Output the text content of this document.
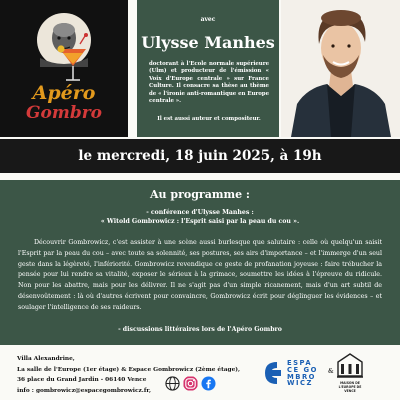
Apéro
Gombro
avec
Ulysse Manhes
doctorant à l'Ecole normale supérieure (Ulm) et producteur de l'émission « Voix d'Europe centrale » sur France Culture. Il consacre sa thèse au thème de « l'ironie anti-romantique en Europe centrale ».
Il est aussi auteur et compositeur.
le mercredi, 18 juin 2025, à 19h
Au programme :
- conférence d'Ulysse Manhes :
« Witold Gombrowicz : l'Esprit saisi par la peau du cou ».
Découvrir Gombrowicz, c'est assister à une scène aussi burlesque que salutaire : celle où quelqu'un saisit l'Esprit par la peau du cou – avec toute sa solennité, ses postures, ses airs d'importance – et l'immerge d'un seul geste dans la légèreté, l'infériorité. Gombrowicz revendique ce geste de profanation joyeuse : faire trébucher la pensée pour lui rendre sa vitalité, exposer le sérieux à la grimace, soumettre les idées à l'épreuve du ridicule. Non pour les abattre, mais pour les délivrer. Il ne s'agit pas d'un simple ricanement, mais d'un art subtil de désenvoûtement : là où d'autres écrivent pour convaincre, Gombrowicz écrit pour déglinguer les évidences – et soulager l'intelligence de ses raideurs.
- discussions littéraires lors de l'Apéro Gombro
Villa Alexandrine,
La salle de l'Europe (1er étage) & Espace Gombrowicz (2ème étage),
36 place du Grand Jardin - 06140 Vence
info : gombrowicz@espacegombrowicz.fr,
ESPA
CE GO
MBRO
WICZ
&
MAISON DE
L'EUROPE DE
VENCE
